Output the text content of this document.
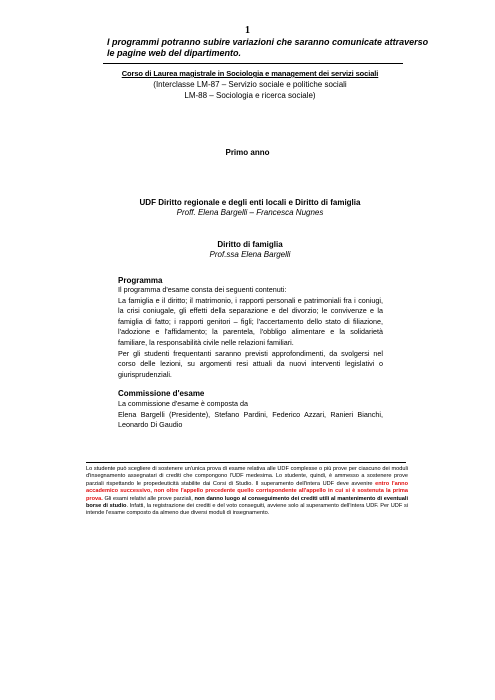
1
I programmi potranno subire variazioni che saranno comunicate attraverso le pagine web del dipartimento.
Corso di Laurea magistrale in Sociologia e management dei servizi sociali
(Interclasse LM-87 – Servizio sociale e politiche sociali
LM-88 – Sociologia e ricerca sociale)
Primo anno
UDF Diritto regionale e degli enti locali e Diritto di famiglia
Proff. Elena Bargelli – Francesca Nugnes
Diritto di famiglia
Prof.ssa Elena Bargelli
Programma

Il programma d'esame consta dei seguenti contenuti:

La famiglia e il diritto; il matrimonio, i rapporti personali e patrimoniali fra i coniugi, la crisi coniugale, gli effetti della separazione e del divorzio; le convivenze e la famiglia di fatto; i rapporti genitori – figli; l'accertamento dello stato di filiazione, l'adozione e l'affidamento; la parentela, l'obbligo alimentare e la solidarietà familiare, la responsabilità civile nelle relazioni familiari.

Per gli studenti frequentanti saranno previsti approfondimenti, da svolgersi nel corso delle lezioni, su argomenti resi attuali da nuovi interventi legislativi o giurisprudenziali.

Commissione d'esame

La commissione d'esame è composta da

Elena Bargelli (Presidente), Stefano Pardini, Federico Azzari, Ranieri Bianchi, Leonardo Di Gaudio

Lo studente può scegliere di sostenere un'unica prova di esame relativa alle UDF complesse o più prove per ciascuno dei moduli d'insegnamento assegnatari di crediti che compongono l'UDF medesima. Lo studente, quindi, è ammesso a sostenere prove parziali rispettando le propedeuticità stabilite dai Corsi di Studio. Il superamento dell'intera UDF deve avvenire entro l'anno accademico successivo, non oltre l'appello precedente quello corrispondente all'appello in cui si è sostenuta la prima prova. Gli esami relativi alle prove parziali, non danno luogo al conseguimento dei crediti utili al mantenimento di eventuali borse di studio. Infatti, la registrazione dei crediti e del voto conseguiti, avviene solo al superamento dell'intera UDF. Per UDF si intende l'esame composto da almeno due diversi moduli di insegnamento.
